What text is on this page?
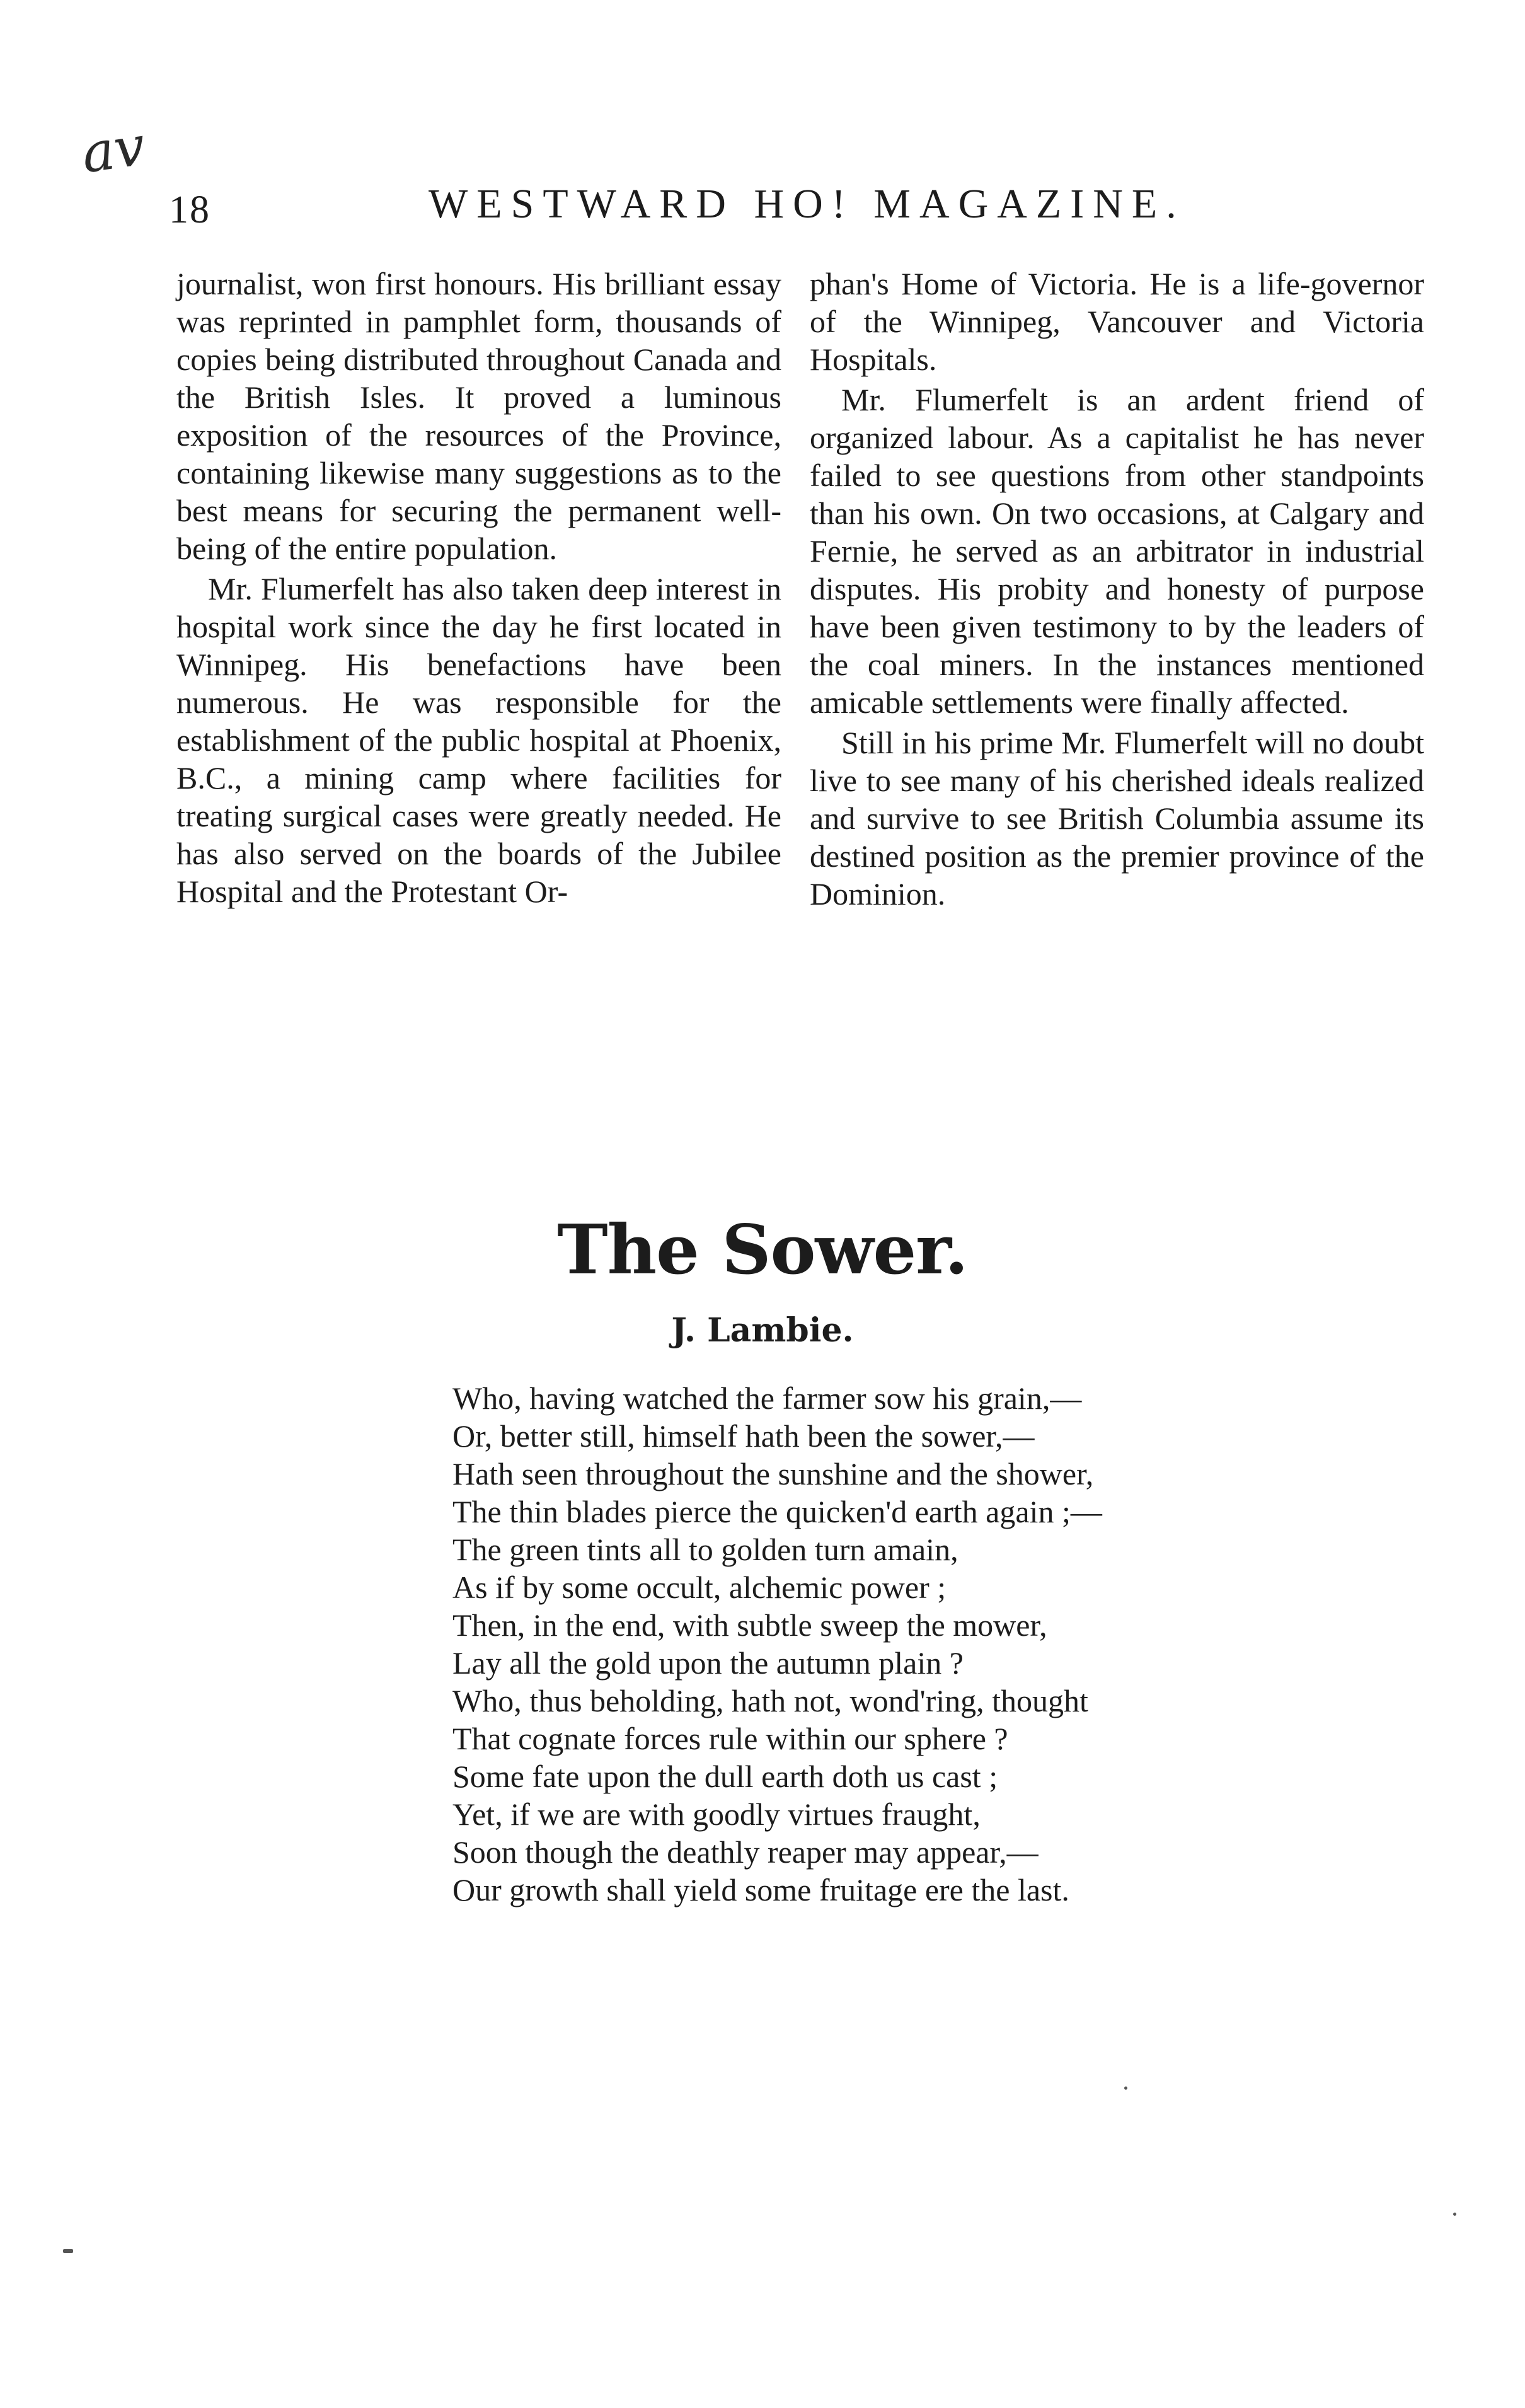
av
18	WESTWARD HO! MAGAZINE.

journalist, won first honours. His brilliant essay was reprinted in pamphlet form, thousands of copies being distributed throughout Canada and the British Isles. It proved a luminous exposition of the resources of the Province, containing likewise many suggestions as to the best means for securing the permanent well-being of the entire population.

Mr. Flumerfelt has also taken deep interest in hospital work since the day he first located in Winnipeg. His benefactions have been numerous. He was responsible for the establishment of the public hospital at Phoenix, B.C., a mining camp where facilities for treating surgical cases were greatly needed. He has also served on the boards of the Jubilee Hospital and the Protestant Or-

phan's Home of Victoria. He is a life-governor of the Winnipeg, Vancouver and Victoria Hospitals.

Mr. Flumerfelt is an ardent friend of organized labour. As a capitalist he has never failed to see questions from other standpoints than his own. On two occasions, at Calgary and Fernie, he served as an arbitrator in industrial disputes. His probity and honesty of purpose have been given testimony to by the leaders of the coal miners. In the instances mentioned amicable settlements were finally affected.

Still in his prime Mr. Flumerfelt will no doubt live to see many of his cherished ideals realized and survive to see British Columbia assume its destined position as the premier province of the Dominion.

The Sower.
J. Lambie.
Who, having watched the farmer sow his grain,—
Or, better still, himself hath been the sower,—
Hath seen throughout the sunshine and the shower,
The thin blades pierce the quicken'd earth again ;—
The green tints all to golden turn amain,
As if by some occult, alchemic power ;
Then, in the end, with subtle sweep the mower,
Lay all the gold upon the autumn plain ?
Who, thus beholding, hath not, wond'ring, thought
That cognate forces rule within our sphere ?
Some fate upon the dull earth doth us cast ;
Yet, if we are with goodly virtues fraught,
Soon though the deathly reaper may appear,—
Our growth shall yield some fruitage ere the last.
